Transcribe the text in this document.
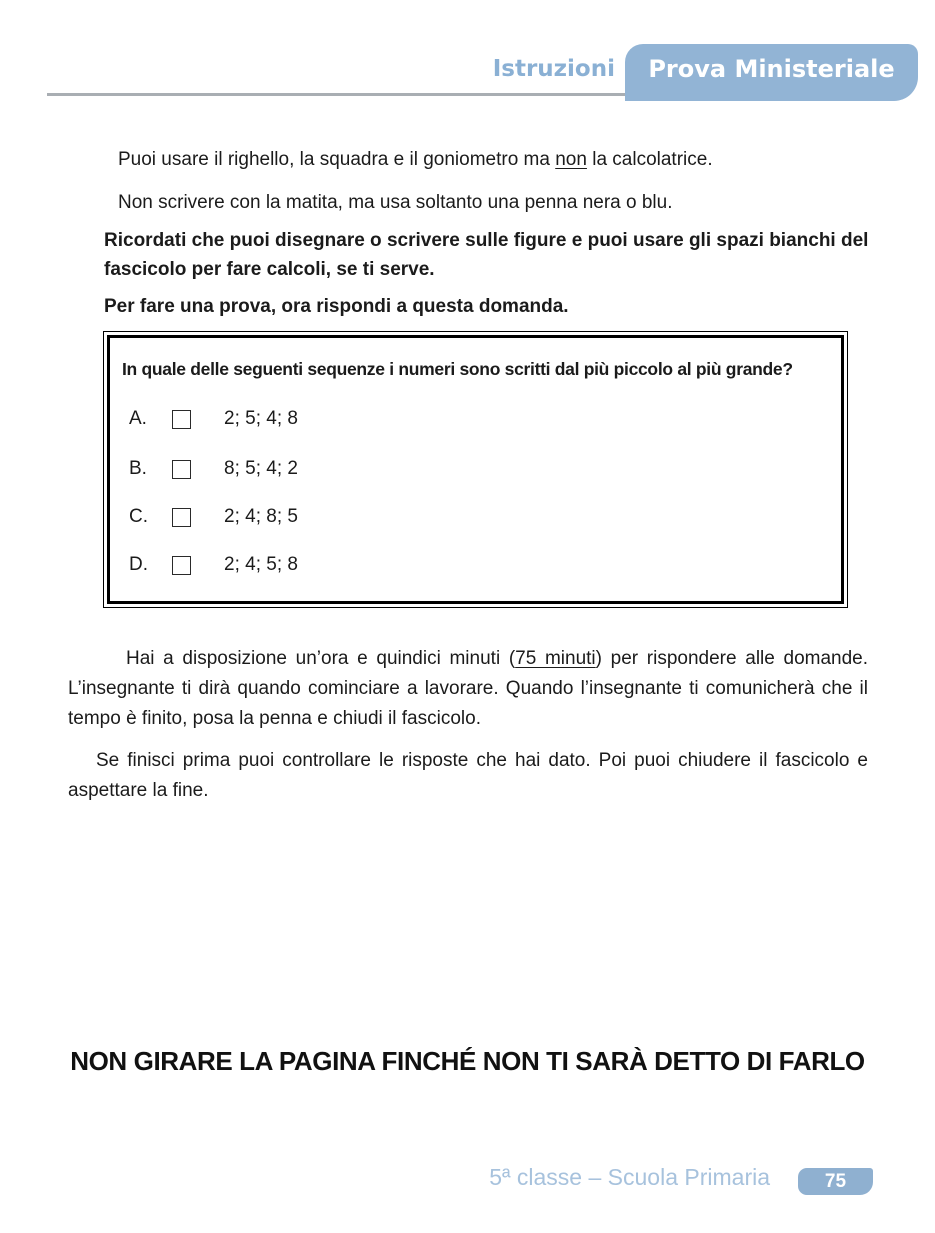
Istruzioni Prova Ministeriale

Puoi usare il righello, la squadra e il goniometro ma non la calcolatrice.

Non scrivere con la matita, ma usa soltanto una penna nera o blu.

Ricordati che puoi disegnare o scrivere sulle figure e puoi usare gli spazi bianchi del fascicolo per fare calcoli, se ti serve.

Per fare una prova, ora rispondi a questa domanda.

In quale delle seguenti sequenze i numeri sono scritti dal più piccolo al più grande?

A.	2; 5; 4; 8
B.	8; 5; 4; 2
C.	2; 4; 8; 5
D.	2; 4; 5; 8

Hai a disposizione un’ora e quindici minuti (75 minuti) per rispondere alle domande. L’insegnante ti dirà quando cominciare a lavorare. Quando l’insegnante ti comunicherà che il tempo è finito, posa la penna e chiudi il fascicolo.

Se finisci prima puoi controllare le risposte che hai dato. Poi puoi chiudere il fascicolo e aspettare la fine.

NON GIRARE LA PAGINA FINCHÉ NON TI SARÀ DETTO DI FARLO

5ª classe – Scuola Primaria	75
